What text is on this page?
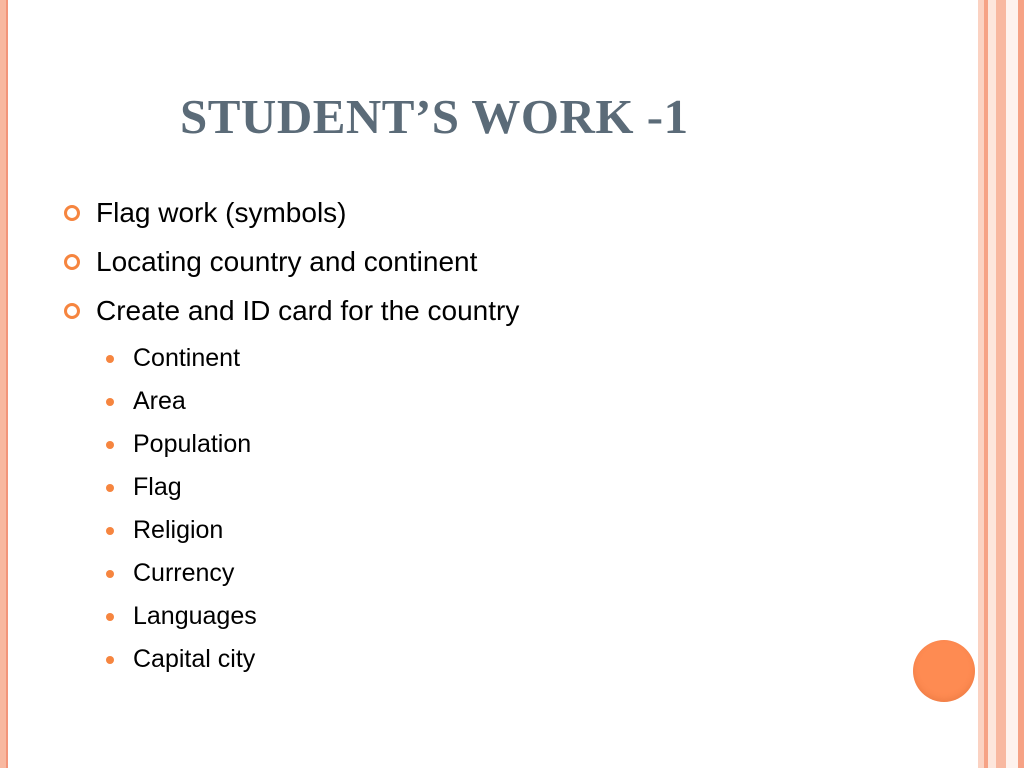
STUDENT’S WORK -1
Flag work (symbols)
Locating country and continent
Create and ID card for the country
Continent
Area
Population
Flag
Religion
Currency
Languages
Capital city
